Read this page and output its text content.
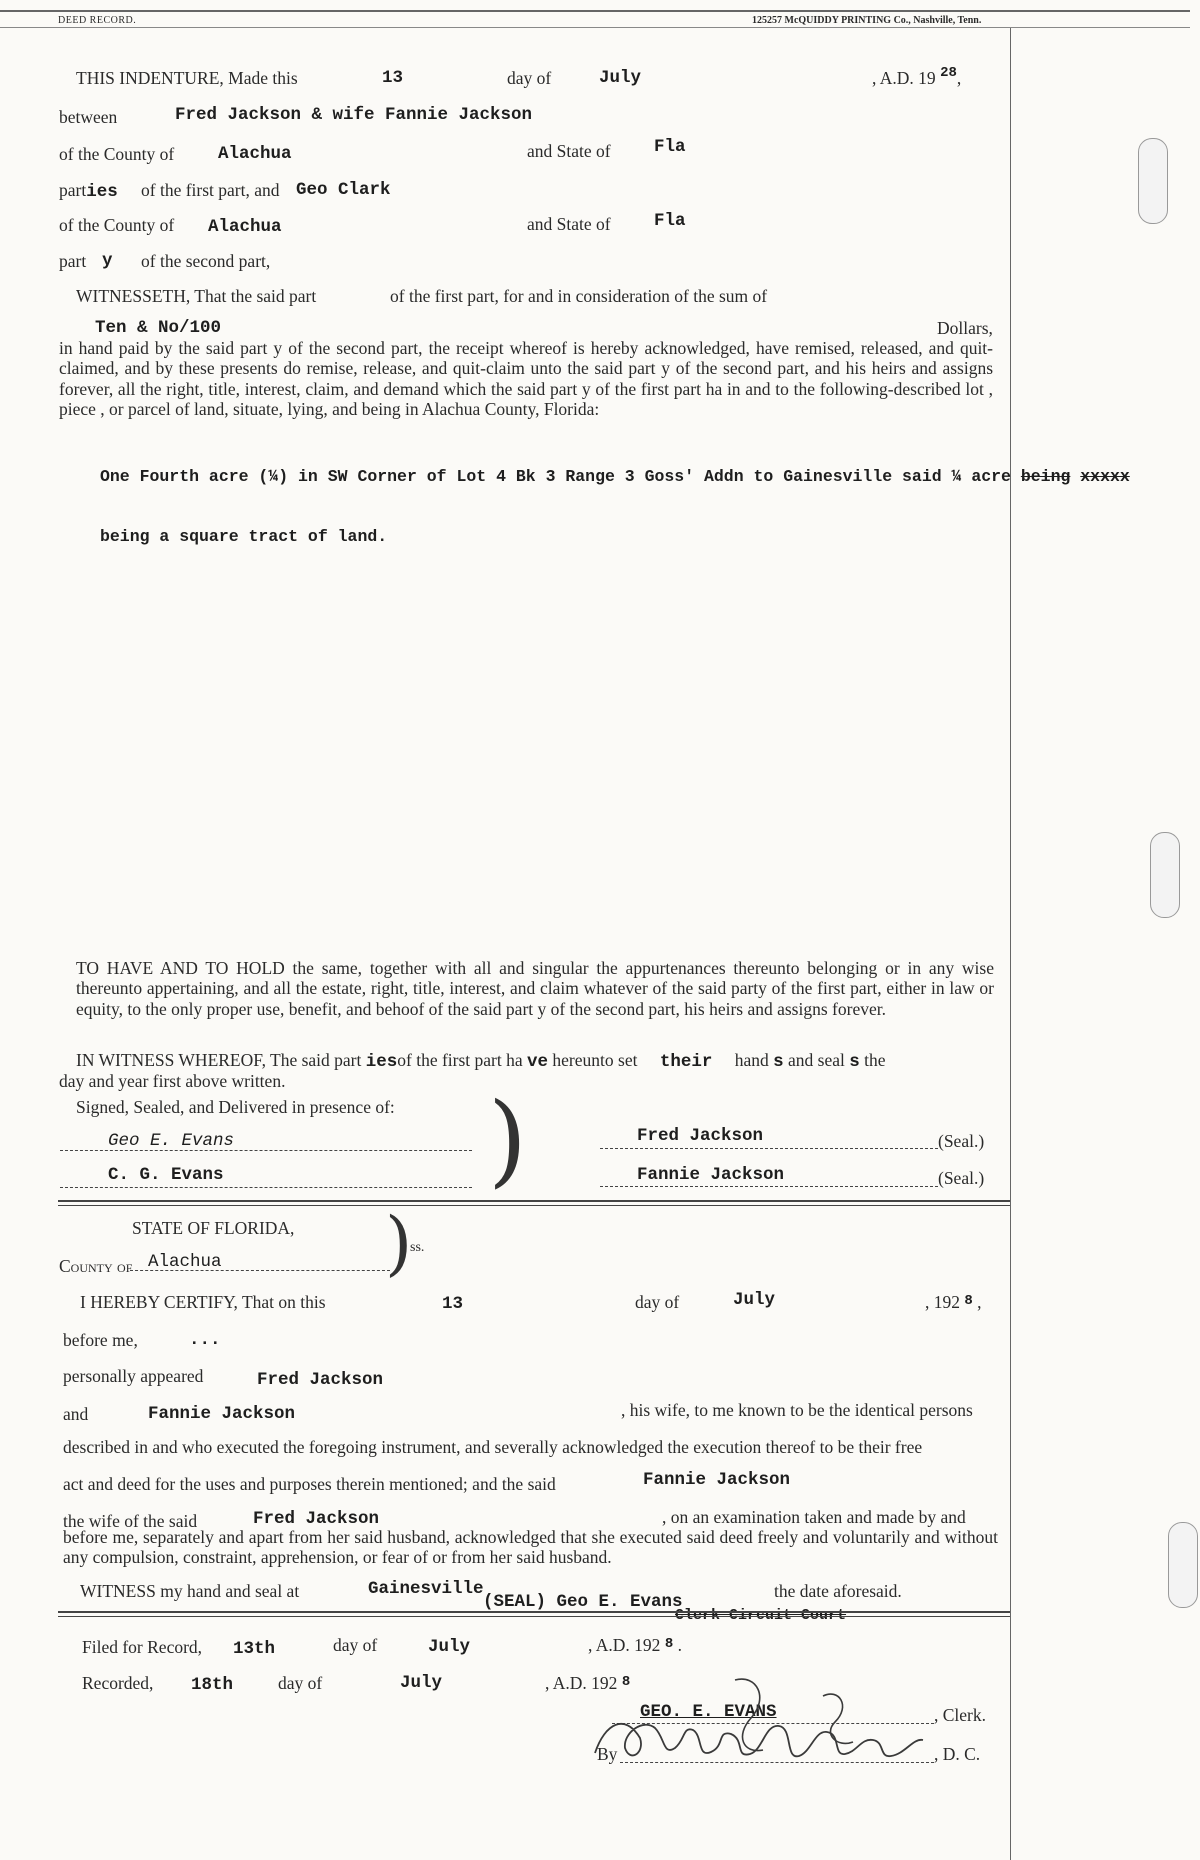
DEED RECORD.	125257 McQUIDDY PRINTING Co., Nashville, Tenn.
THIS INDENTURE, Made this	13	day of	July	, A.D. 19 $^{28}$,
between	Fred Jackson & wife Fannie Jackson
of the County of	Alachua	and State of Fla
parties of the first part, and Geo Clark
of the County of Alachua	and State of Fla
part y of the second part,
WITNESSETH, That the said part	of the first part, for and in consideration of the sum of
Ten & No/100	Dollars,
in hand paid by the said part y of the second part, the receipt whereof is hereby acknowledged, have remised, released, and quit-claimed, and by these presents do remise, release, and quit-claim unto the said part y of the second part, and his heirs and assigns forever, all the right, title, interest, claim, and demand which the said part y of the first part ha in and to the following-described lot , piece , or parcel of land, situate, lying, and being in Alachua County, Florida:
One Fourth acre (¼) in SW Corner of Lot 4 Bk 3 Range 3 Goss' Addn to Gainesville said ¼ acre being xxxxx
being a square tract of land.
TO HAVE AND TO HOLD the same, together with all and singular the appurtenances thereunto belonging or in any wise thereunto appertaining, and all the estate, right, title, interest, and claim whatever of the said party of the first part, either in law or equity, to the only proper use, benefit, and behoof of the said part y of the second part, his heirs and assigns forever.
IN WITNESS WHEREOF, The said part iesof the first part ha ve hereunto set their hand s and seal s the
day and year first above written.
Signed, Sealed, and Delivered in presence of: )
Geo E. Evans
C. G. Evans
Fred Jackson	(Seal.)
Fannie Jackson	(Seal.)
STATE OF FLORIDA,
County of Alachua )
ss.
I HEREBY CERTIFY, That on this	13	day of	July	, 192 $^8$ ,
before me,	...
personally appeared	Fred Jackson
and	Fannie Jackson	, his wife, to me known to be the identical persons
described in and who executed the foregoing instrument, and severally acknowledged the execution thereof to be their free
act and deed for the uses and purposes therein mentioned; and the said	Fannie Jackson
the wife of the said	Fred Jackson	, on an examination taken and made by and
before me, separately and apart from her said husband, acknowledged that she executed said deed freely and voluntarily and without any compulsion, constraint, apprehension, or fear of or from her said husband.
WITNESS my hand and seal at	Gainesville
(SEAL) Geo E. Evans
the date aforesaid.
Clerk Circuit Court
Filed for Record, 13th	day of	July	, A.D. 192 $^8$ .
Recorded, 18th	day of	July	, A.D. 192 $^8$
GEO. E. EVANS	, Clerk.
By	, D. C.
